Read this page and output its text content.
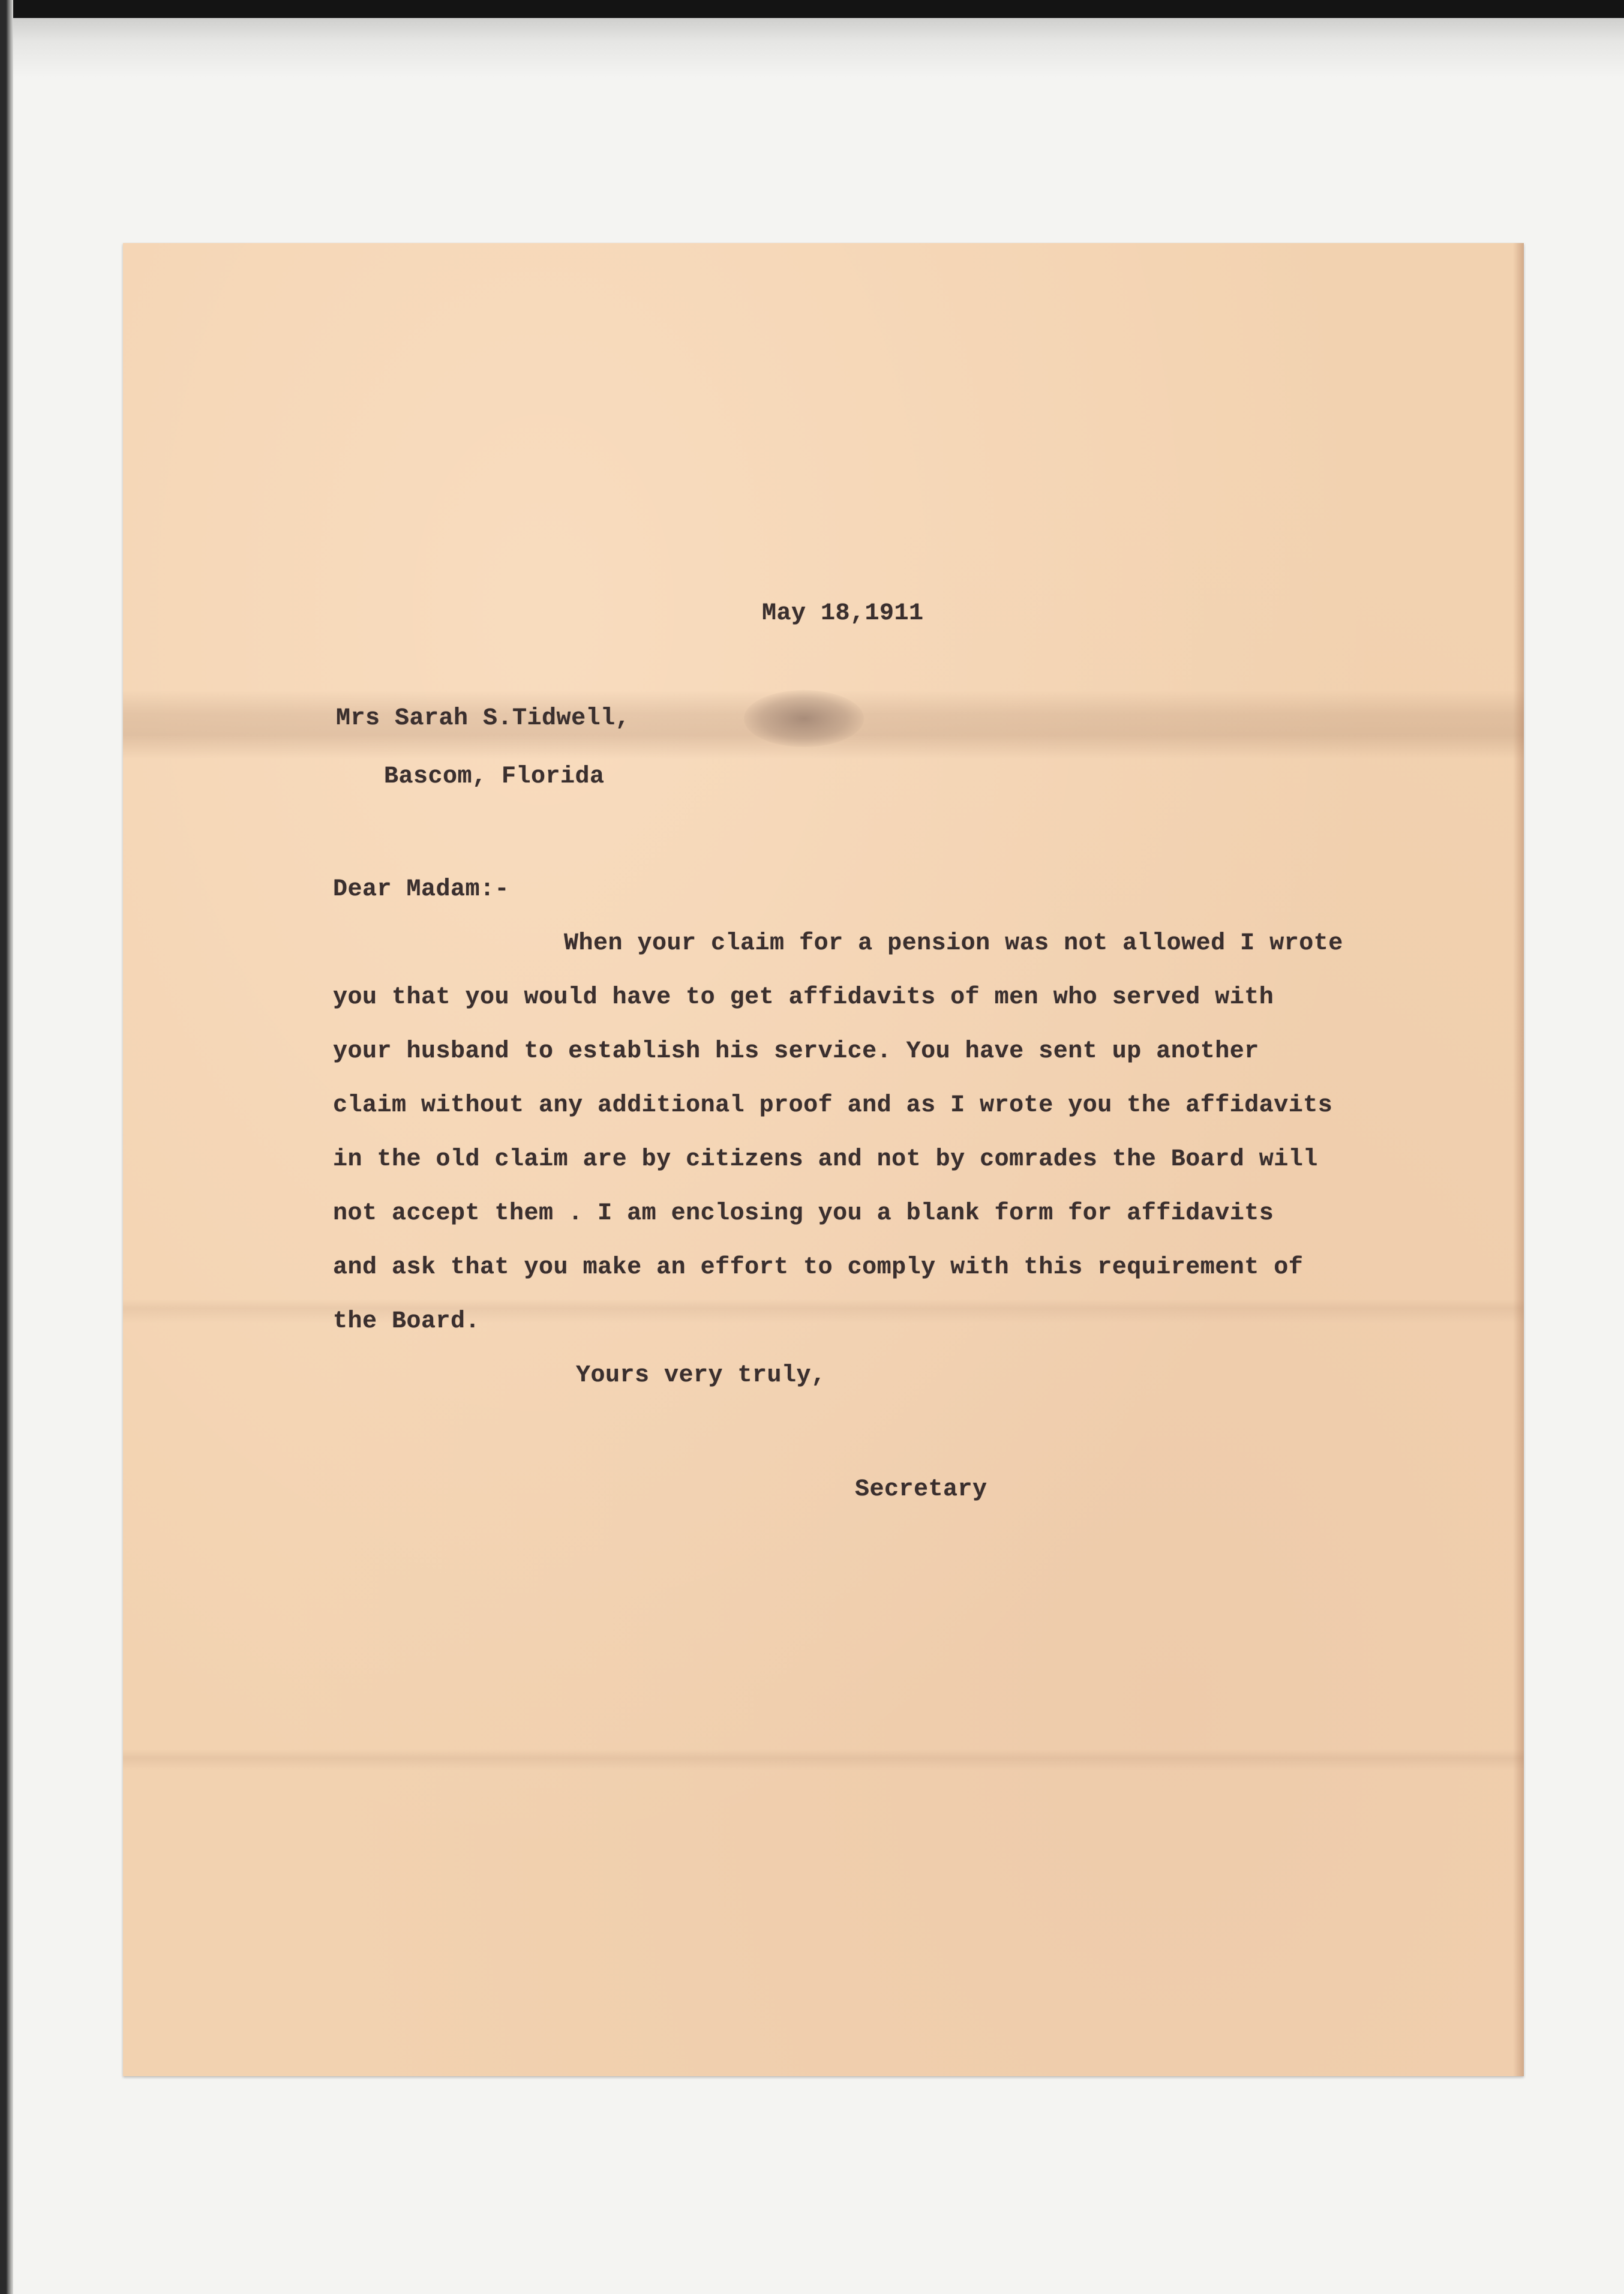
May 18,1911

Mrs Sarah S.Tidwell,

Bascom, Florida

Dear Madam:-

When your claim for a pension was not allowed I wrote

you that you would have to get affidavits of men who served with

your husband to establish his service. You have sent up another

claim without any additional proof and as I wrote you the affidavits

in the old claim are by citizens and not by comrades the Board will

not accept them . I am enclosing you a blank form for affidavits

and ask that you make an effort to comply with this requirement of

the Board.

Yours very truly,

Secretary
